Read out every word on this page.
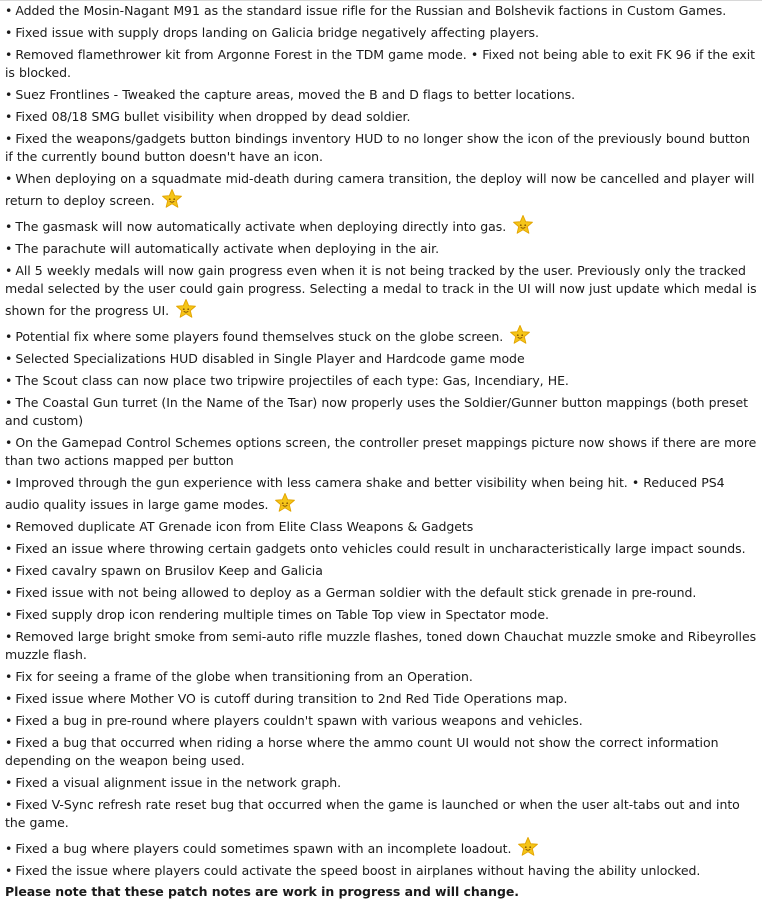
• Added the Mosin-Nagant M91 as the standard issue rifle for the Russian and Bolshevik factions in Custom Games.
• Fixed issue with supply drops landing on Galicia bridge negatively affecting players.
• Removed flamethrower kit from Argonne Forest in the TDM game mode. • Fixed not being able to exit FK 96 if the exit is blocked.
• Suez Frontlines - Tweaked the capture areas, moved the B and D flags to better locations.
• Fixed 08/18 SMG bullet visibility when dropped by dead soldier.
• Fixed the weapons/gadgets button bindings inventory HUD to no longer show the icon of the previously bound button if the currently bound button doesn't have an icon.
• When deploying on a squadmate mid-death during camera transition, the deploy will now be cancelled and player will return to deploy screen.
• The gasmask will now automatically activate when deploying directly into gas.
• The parachute will automatically activate when deploying in the air.
• All 5 weekly medals will now gain progress even when it is not being tracked by the user. Previously only the tracked medal selected by the user could gain progress. Selecting a medal to track in the UI will now just update which medal is shown for the progress UI.
• Potential fix where some players found themselves stuck on the globe screen.
• Selected Specializations HUD disabled in Single Player and Hardcode game mode
• The Scout class can now place two tripwire projectiles of each type: Gas, Incendiary, HE.
• The Coastal Gun turret (In the Name of the Tsar) now properly uses the Soldier/Gunner button mappings (both preset and custom)
• On the Gamepad Control Schemes options screen, the controller preset mappings picture now shows if there are more than two actions mapped per button
• Improved through the gun experience with less camera shake and better visibility when being hit. • Reduced PS4 audio quality issues in large game modes.
• Removed duplicate AT Grenade icon from Elite Class Weapons & Gadgets
• Fixed an issue where throwing certain gadgets onto vehicles could result in uncharacteristically large impact sounds.
• Fixed cavalry spawn on Brusilov Keep and Galicia
• Fixed issue with not being allowed to deploy as a German soldier with the default stick grenade in pre-round.
• Fixed supply drop icon rendering multiple times on Table Top view in Spectator mode.
• Removed large bright smoke from semi-auto rifle muzzle flashes, toned down Chauchat muzzle smoke and Ribeyrolles muzzle flash.
• Fix for seeing a frame of the globe when transitioning from an Operation.
• Fixed issue where Mother VO is cutoff during transition to 2nd Red Tide Operations map.
• Fixed a bug in pre-round where players couldn't spawn with various weapons and vehicles.
• Fixed a bug that occurred when riding a horse where the ammo count UI would not show the correct information depending on the weapon being used.
• Fixed a visual alignment issue in the network graph.
• Fixed V-Sync refresh rate reset bug that occurred when the game is launched or when the user alt-tabs out and into the game.
• Fixed a bug where players could sometimes spawn with an incomplete loadout.
• Fixed the issue where players could activate the speed boost in airplanes without having the ability unlocked.
Please note that these patch notes are work in progress and will change.
